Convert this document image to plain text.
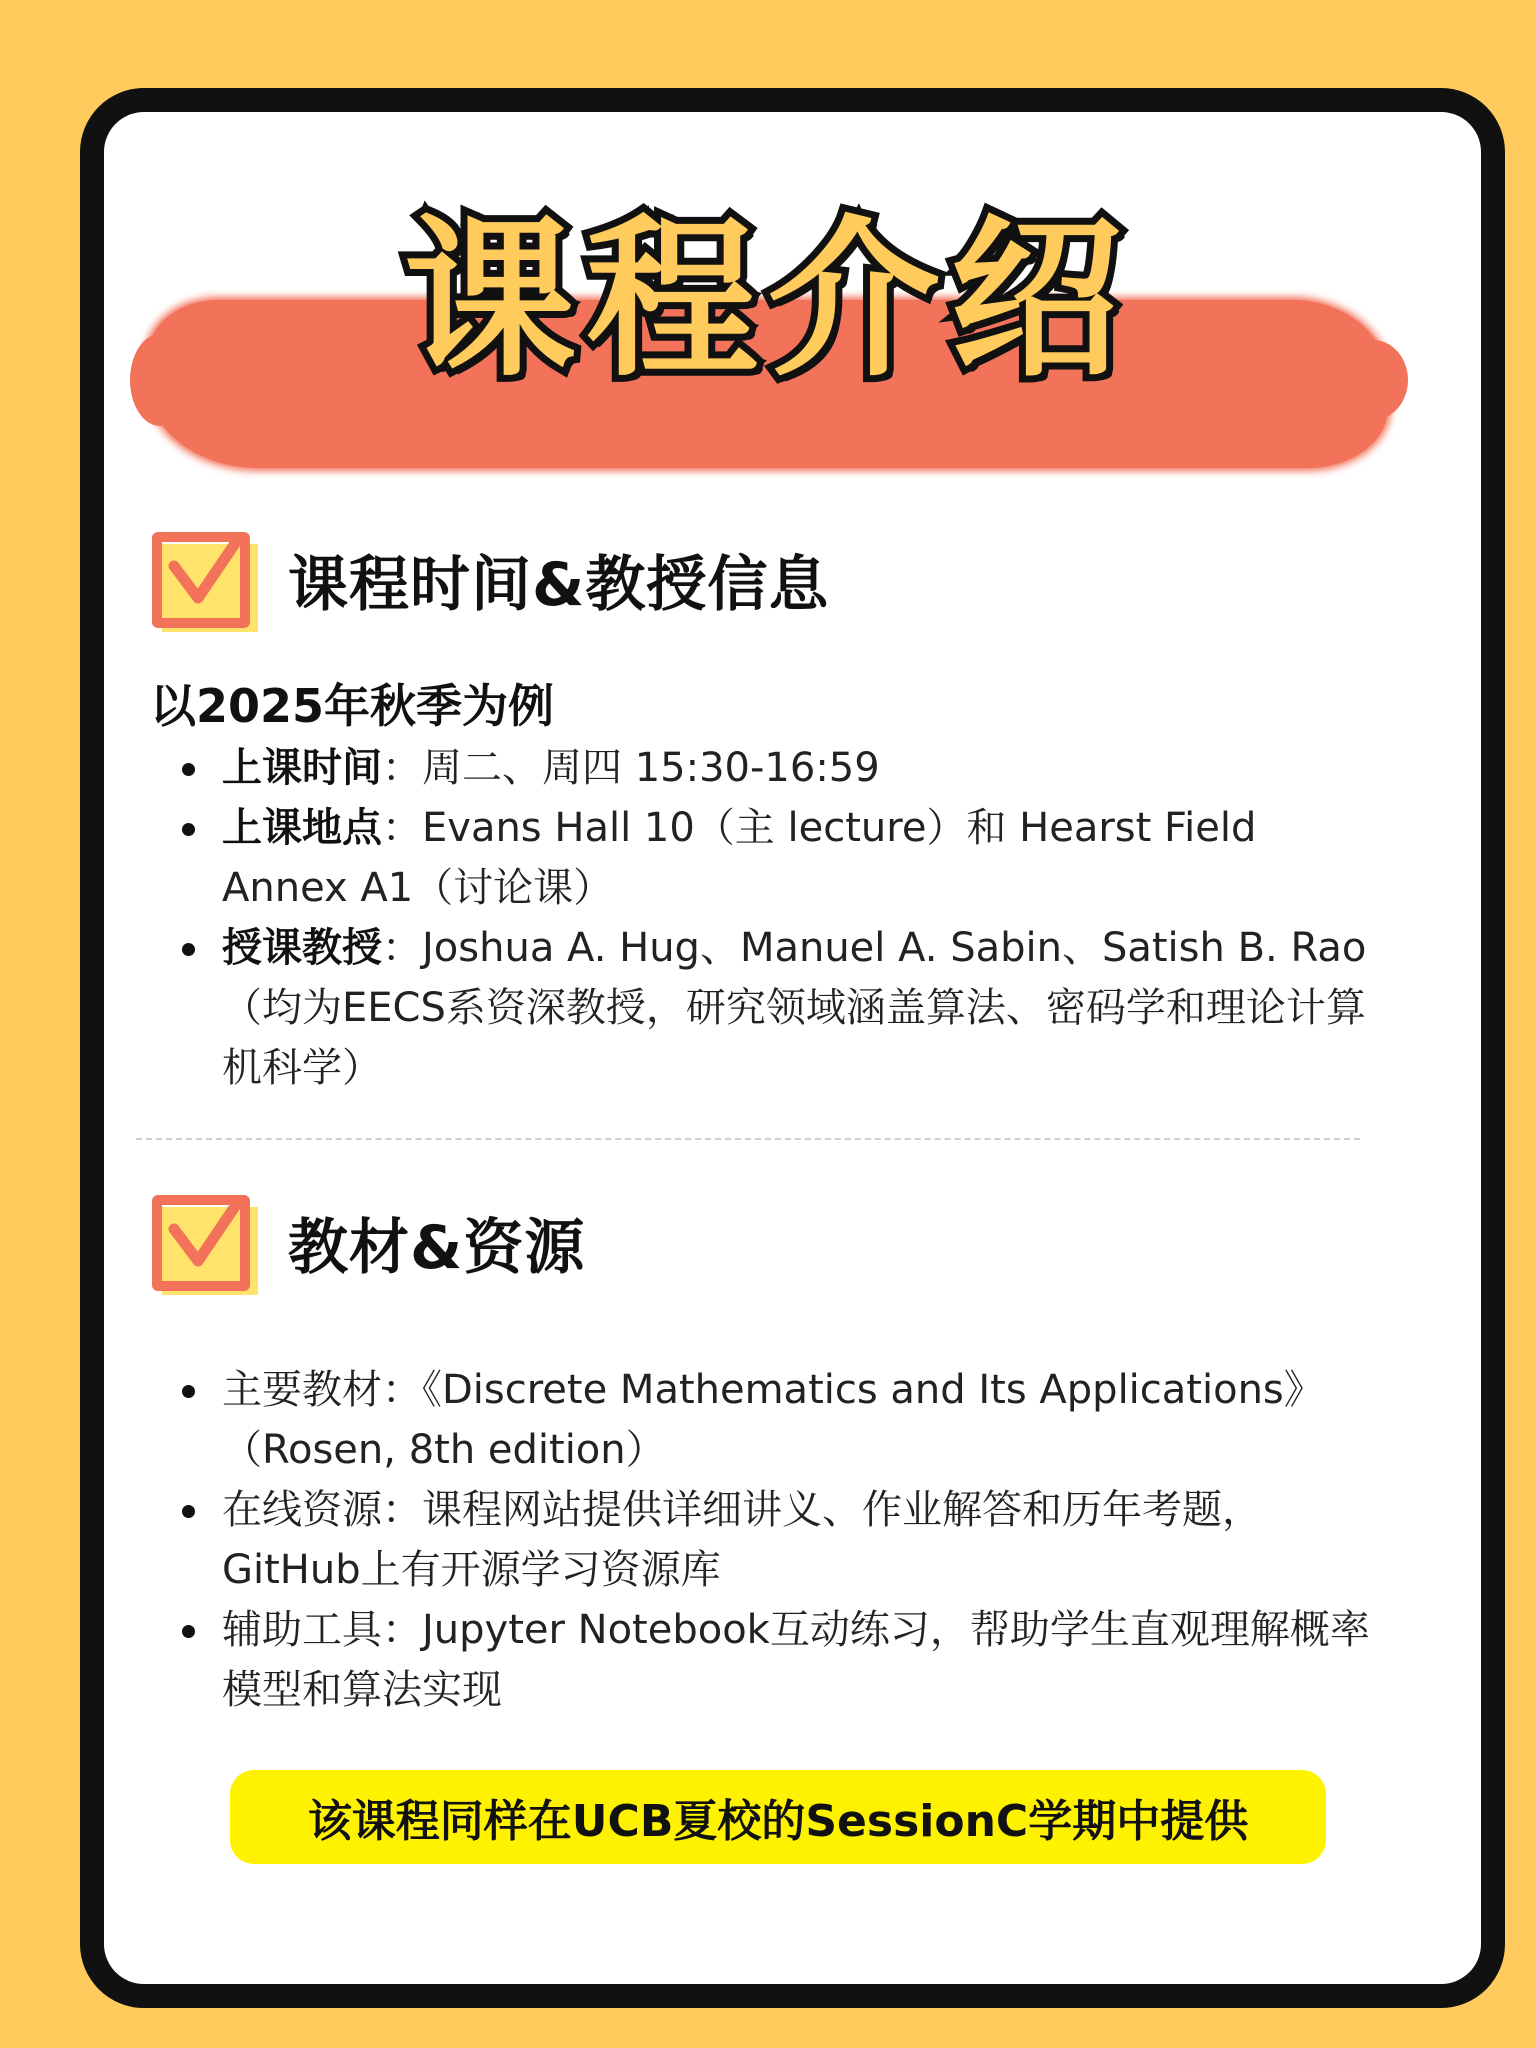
课程介绍
课程时间&教授信息
以2025年秋季为例
上课时间：周二、周四 15:30-16:59
上课地点：Evans Hall 10（主 lecture）和 Hearst Field Annex A1（讨论课）
授课教授：Joshua A. Hug、Manuel A. Sabin、Satish B. Rao（均为EECS系资深教授，研究领域涵盖算法、密码学和理论计算机科学）
教材&资源
主要教材：《Discrete Mathematics and Its Applications》（Rosen, 8th edition）
在线资源：课程网站提供详细讲义、作业解答和历年考题，GitHub上有开源学习资源库
辅助工具：Jupyter Notebook互动练习，帮助学生直观理解概率模型和算法实现
该课程同样在UCB夏校的SessionC学期中提供
